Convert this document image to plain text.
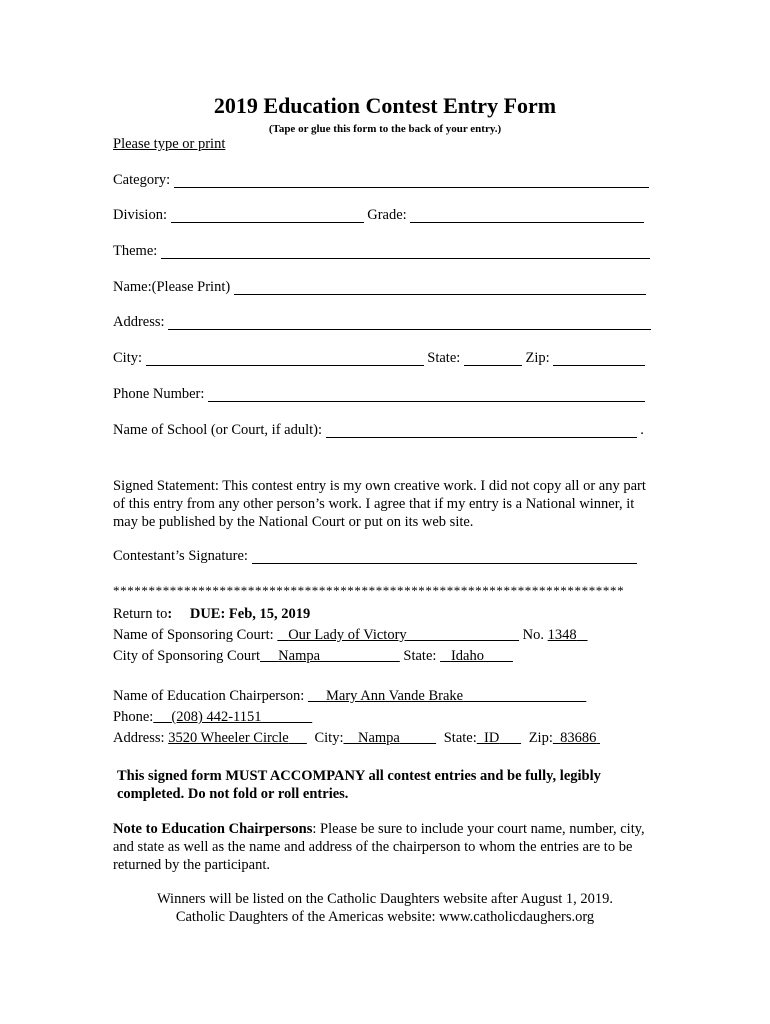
2019 Education Contest Entry Form
(Tape or glue this form to the back of your entry.)
Please type or print
Category:
Division:	Grade:
Theme:
Name:(Please Print)
Address:
City:	State:	Zip:
Phone Number:
Name of School (or Court, if adult):	.
Signed Statement: This contest entry is my own creative work. I did not copy all or any part of this entry from any other person’s work. I agree that if my entry is a National winner, it may be published by the National Court or put on its web site.
Contestant’s Signature:
************************************************************************
Return to: DUE: Feb, 15, 2019
Name of Sponsoring Court: Our Lady of Victory	No. 1348
City of Sponsoring Court Nampa	State: Idaho
Name of Education Chairperson: Mary Ann Vande Brake
Phone: (208) 442-1151
Address: 3520 Wheeler Circle City: Nampa	State: ID Zip: 83686
This signed form MUST ACCOMPANY all contest entries and be fully, legibly completed. Do not fold or roll entries.
Note to Education Chairpersons: Please be sure to include your court name, number, city, and state as well as the name and address of the chairperson to whom the entries are to be returned by the participant.
Winners will be listed on the Catholic Daughters website after August 1, 2019.
Catholic Daughters of the Americas website: www.catholicdaughers.org
